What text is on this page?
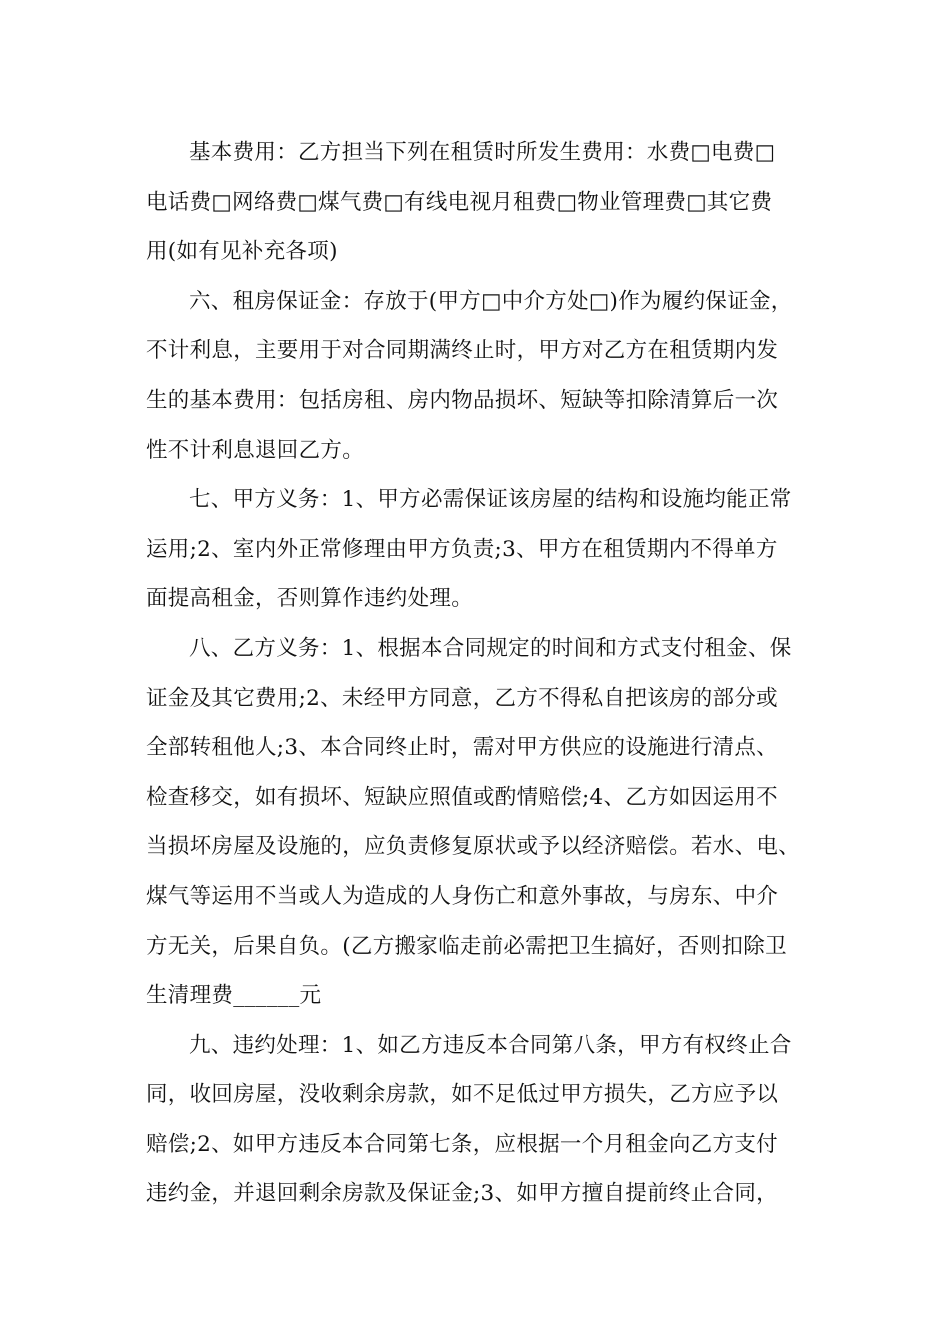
基本费用：乙方担当下列在租赁时所发生费用：水费□电费□
电话费□网络费□煤气费□有线电视月租费□物业管理费□其它费
用(如有见补充各项)
六、租房保证金：存放于(甲方□中介方处□)作为履约保证金，
不计利息，主要用于对合同期满终止时，甲方对乙方在租赁期内发
生的基本费用：包括房租、房内物品损坏、短缺等扣除清算后一次
性不计利息退回乙方。
七、甲方义务：1、甲方必需保证该房屋的结构和设施均能正常
运用;2、室内外正常修理由甲方负责;3、甲方在租赁期内不得单方
面提高租金，否则算作违约处理。
八、乙方义务：1、根据本合同规定的时间和方式支付租金、保
证金及其它费用;2、未经甲方同意，乙方不得私自把该房的部分或
全部转租他人;3、本合同终止时，需对甲方供应的设施进行清点、
检查移交，如有损坏、短缺应照值或酌情赔偿;4、乙方如因运用不
当损坏房屋及设施的，应负责修复原状或予以经济赔偿。若水、电、
煤气等运用不当或人为造成的人身伤亡和意外事故，与房东、中介
方无关，后果自负。(乙方搬家临走前必需把卫生搞好，否则扣除卫
生清理费______元
九、违约处理：1、如乙方违反本合同第八条，甲方有权终止合
同，收回房屋，没收剩余房款，如不足低过甲方损失，乙方应予以
赔偿;2、如甲方违反本合同第七条，应根据一个月租金向乙方支付
违约金，并退回剩余房款及保证金;3、如甲方擅自提前终止合同，
